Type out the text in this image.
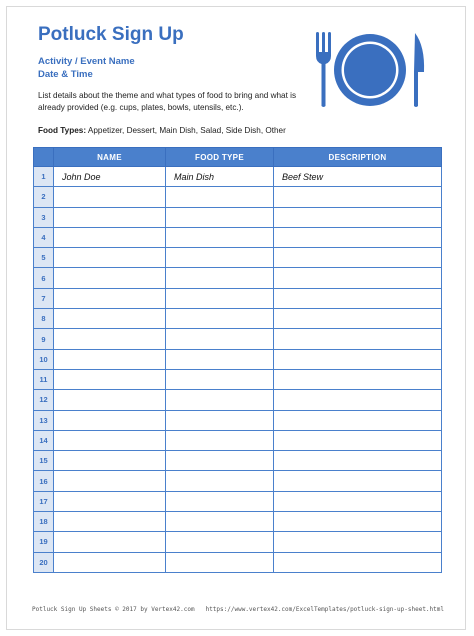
Potluck Sign Up
Activity / Event Name
Date & Time
List details about the theme and what types of food to bring and what is already provided (e.g. cups, plates, bowls, utensils, etc.).
Food Types: Appetizer, Dessert, Main Dish, Salad, Side Dish, Other
	NAME	FOOD TYPE	DESCRIPTION
1	John Doe	Main Dish	Beef Stew
2			
3			
4			
5			
6			
7			
8			
9			
10			
11			
12			
13			
14			
15			
16			
17			
18			
19			
20			
Potluck Sign Up Sheets © 2017 by Vertex42.com https://www.vertex42.com/ExcelTemplates/potluck-sign-up-sheet.html
